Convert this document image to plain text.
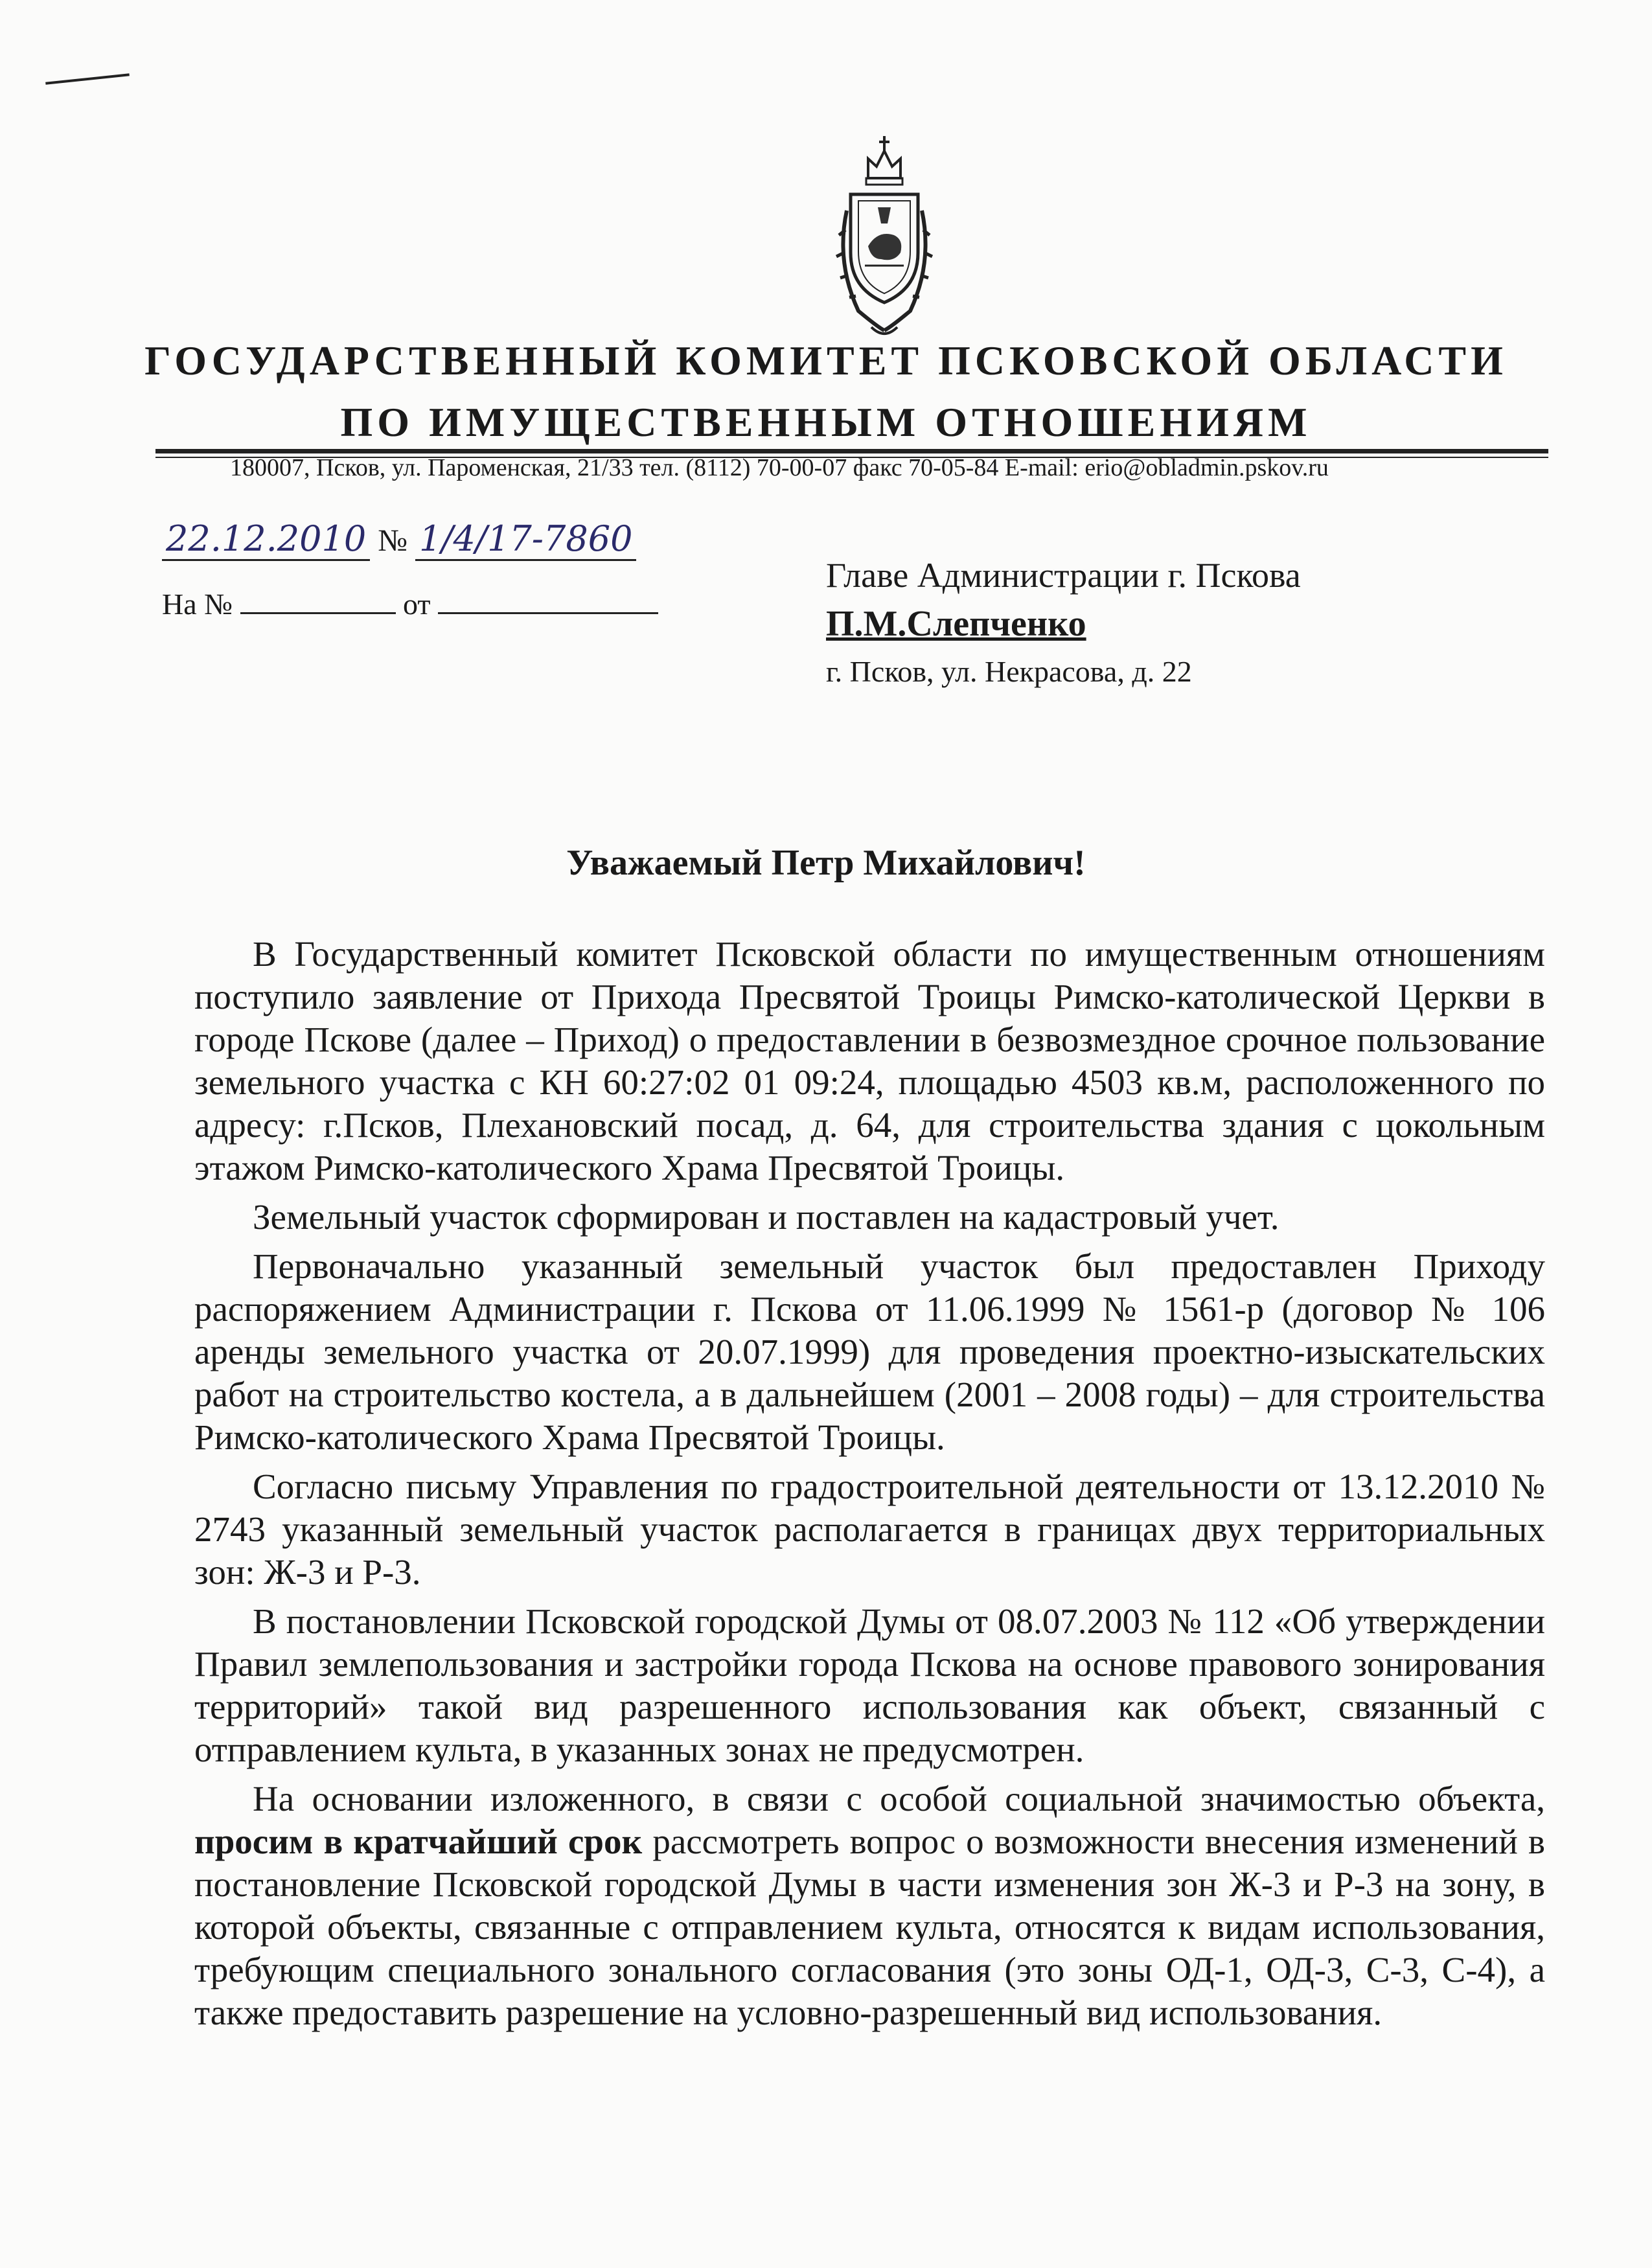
ГОСУДАРСТВЕННЫЙ КОМИТЕТ ПСКОВСКОЙ ОБЛАСТИ
ПО ИМУЩЕСТВЕННЫМ ОТНОШЕНИЯМ
180007, Псков, ул. Пароменская, 21/33 тел. (8112) 70-00-07 факс 70-05-84 E-mail: erio@obladmin.pskov.ru
22.12.2010 № 1/4/17-7860
На №	от
Главе Администрации г. Пскова
П.М.Слепченко
г. Псков, ул. Некрасова, д. 22
Уважаемый Петр Михайлович!

В Государственный комитет Псковской области по имущественным отношениям поступило заявление от Прихода Пресвятой Троицы Римско-католической Церкви в городе Пскове (далее – Приход) о предоставлении в безвозмездное срочное пользование земельного участка с КН 60:27:02 01 09:24, площадью 4503 кв.м, расположенного по адресу: г.Псков, Плехановский посад, д. 64, для строительства здания с цокольным этажом Римско-католического Храма Пресвятой Троицы.

Земельный участок сформирован и поставлен на кадастровый учет.

Первоначально указанный земельный участок был предоставлен Приходу распоряжением Администрации г. Пскова от 11.06.1999 № 1561-р (договор № 106 аренды земельного участка от 20.07.1999) для проведения проектно-изыскательских работ на строительство костела, а в дальнейшем (2001 – 2008 годы) – для строительства Римско-католического Храма Пресвятой Троицы.

Согласно письму Управления по градостроительной деятельности от 13.12.2010 № 2743 указанный земельный участок располагается в границах двух территориальных зон: Ж-3 и Р-3.

В постановлении Псковской городской Думы от 08.07.2003 № 112 «Об утверждении Правил землепользования и застройки города Пскова на основе правового зонирования территорий» такой вид разрешенного использования как объект, связанный с отправлением культа, в указанных зонах не предусмотрен.

На основании изложенного, в связи с особой социальной значимостью объекта, просим в кратчайший срок рассмотреть вопрос о возможности внесения изменений в постановление Псковской городской Думы в части изменения зон Ж-3 и Р-3 на зону, в которой объекты, связанные с отправлением культа, относятся к видам использования, требующим специального зонального согласования (это зоны ОД-1, ОД-3, С-3, С-4), а также предоставить разрешение на условно-разрешенный вид использования.
